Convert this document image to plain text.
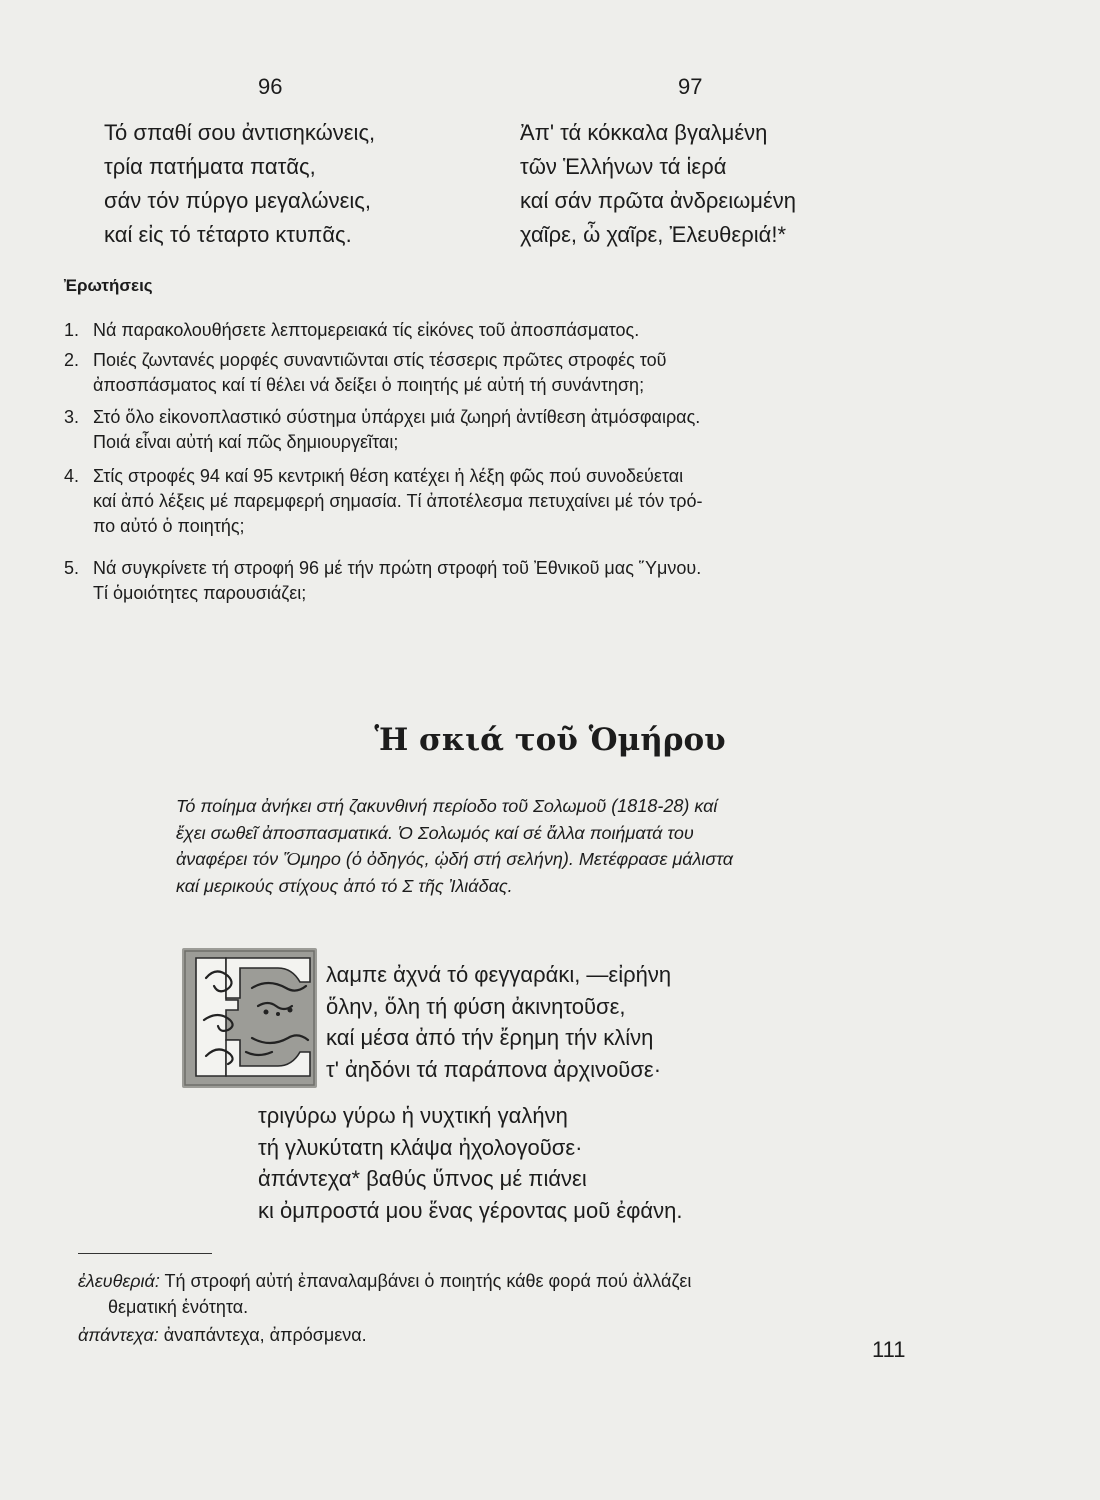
96
Τό σπαθί σου ἀντισηκώνεις,
τρία πατήματα πατᾶς,
σάν τόν πύργο μεγαλώνεις,
καί εἰς τό τέταρτο κτυπᾶς.
97
Ἀπ' τά κόκκαλα βγαλμένη
τῶν Ἑλλήνων τά ἱερά
καί σάν πρῶτα ἀνδρειωμένη
χαῖρε, ὦ χαῖρε, Ἐλευθεριά!*
Ἐρωτήσεις
1. Νά παρακολουθήσετε λεπτομερειακά τίς εἰκόνες τοῦ ἀποσπάσματος.
2. Ποιές ζωντανές μορφές συναντιῶνται στίς τέσσερις πρῶτες στροφές τοῦ
ἀποσπάσματος καί τί θέλει νά δείξει ὁ ποιητής μέ αὐτή τή συνάντηση;
3. Στό ὅλο εἰκονοπλαστικό σύστημα ὑπάρχει μιά ζωηρή ἀντίθεση ἀτμόσφαιρας.
Ποιά εἶναι αὐτή καί πῶς δημιουργεῖται;
4. Στίς στροφές 94 καί 95 κεντρική θέση κατέχει ἡ λέξη φῶς πού συνοδεύεται
καί ἀπό λέξεις μέ παρεμφερή σημασία. Τί ἀποτέλεσμα πετυχαίνει μέ τόν τρό-
πο αὐτό ὁ ποιητής;
5. Νά συγκρίνετε τή στροφή 96 μέ τήν πρώτη στροφή τοῦ Ἐθνικοῦ μας Ὕμνου.
Τί ὁμοιότητες παρουσιάζει;
Ἡ σκιά τοῦ Ὁμήρου
Τό ποίημα ἀνήκει στή ζακυνθινή περίοδο τοῦ Σολωμοῦ (1818-28) καί
ἔχει σωθεῖ ἀποσπασματικά. Ὁ Σολωμός καί σέ ἄλλα ποιήματά του
ἀναφέρει τόν Ὅμηρο (ὁ ὀδηγός, ᾠδή στή σελήνη). Μετέφρασε μάλιστα
καί μερικούς στίχους ἀπό τό Σ τῆς Ἰλιάδας.
λαμπε ἀχνά τό φεγγαράκι, —εἰρήνη
ὅλην, ὅλη τή φύση ἀκινητοῦσε,
καί μέσα ἀπό τήν ἔρημη τήν κλίνη
τ' ἀηδόνι τά παράπονα ἀρχινοῦσε·
τριγύρω γύρω ἡ νυχτική γαλήνη
τή γλυκύτατη κλάψα ἠχολογοῦσε·
ἀπάντεχα* βαθύς ὕπνος μέ πιάνει
κι ὀμπροστά μου ἕνας γέροντας μοῦ ἐφάνη.
ἐλευθεριά: Τή στροφή αὐτή ἐπαναλαμβάνει ὁ ποιητής κάθε φορά πού ἀλλάζει
θεματική ἑνότητα.
ἀπάντεχα: ἀναπάντεχα, ἀπρόσμενα.
111
